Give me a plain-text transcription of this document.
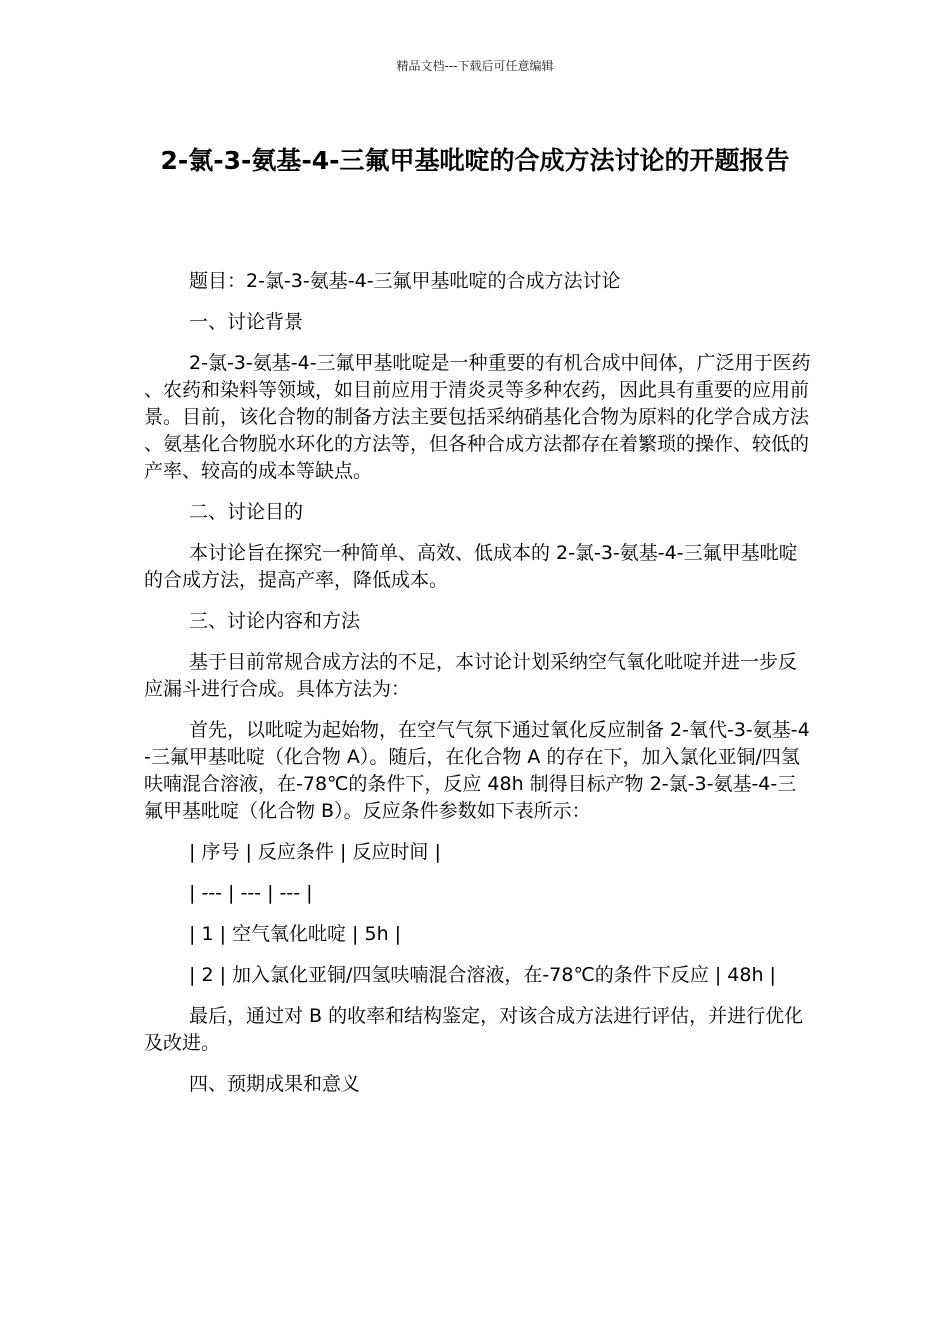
精品文档---下载后可任意编辑
2-氯-3-氨基-4-三氟甲基吡啶的合成方法讨论的开题报告

题目：2-氯-3-氨基-4-三氟甲基吡啶的合成方法讨论

一、讨论背景

2-氯-3-氨基-4-三氟甲基吡啶是一种重要的有机合成中间体，广泛用于医药、农药和染料等领域，如目前应用于清炎灵等多种农药，因此具有重要的应用前景。目前，该化合物的制备方法主要包括采纳硝基化合物为原料的化学合成方法、氨基化合物脱水环化的方法等，但各种合成方法都存在着繁琐的操作、较低的产率、较高的成本等缺点。

二、讨论目的

本讨论旨在探究一种简单、高效、低成本的 2-氯-3-氨基-4-三氟甲基吡啶的合成方法，提高产率，降低成本。

三、讨论内容和方法

基于目前常规合成方法的不足，本讨论计划采纳空气氧化吡啶并进一步反应漏斗进行合成。具体方法为：

首先，以吡啶为起始物，在空气气氛下通过氧化反应制备 2-氧代-3-氨基-4-三氟甲基吡啶（化合物 A）。随后，在化合物 A 的存在下，加入氯化亚铜/四氢呋喃混合溶液，在-78℃的条件下，反应 48h 制得目标产物 2-氯-3-氨基-4-三氟甲基吡啶（化合物 B）。反应条件参数如下表所示：

| 序号 | 反应条件 | 反应时间 |

| --- | --- | --- |

| 1 | 空气氧化吡啶 | 5h |

| 2 | 加入氯化亚铜/四氢呋喃混合溶液，在-78℃的条件下反应 | 48h |

最后，通过对 B 的收率和结构鉴定，对该合成方法进行评估，并进行优化及改进。

四、预期成果和意义
